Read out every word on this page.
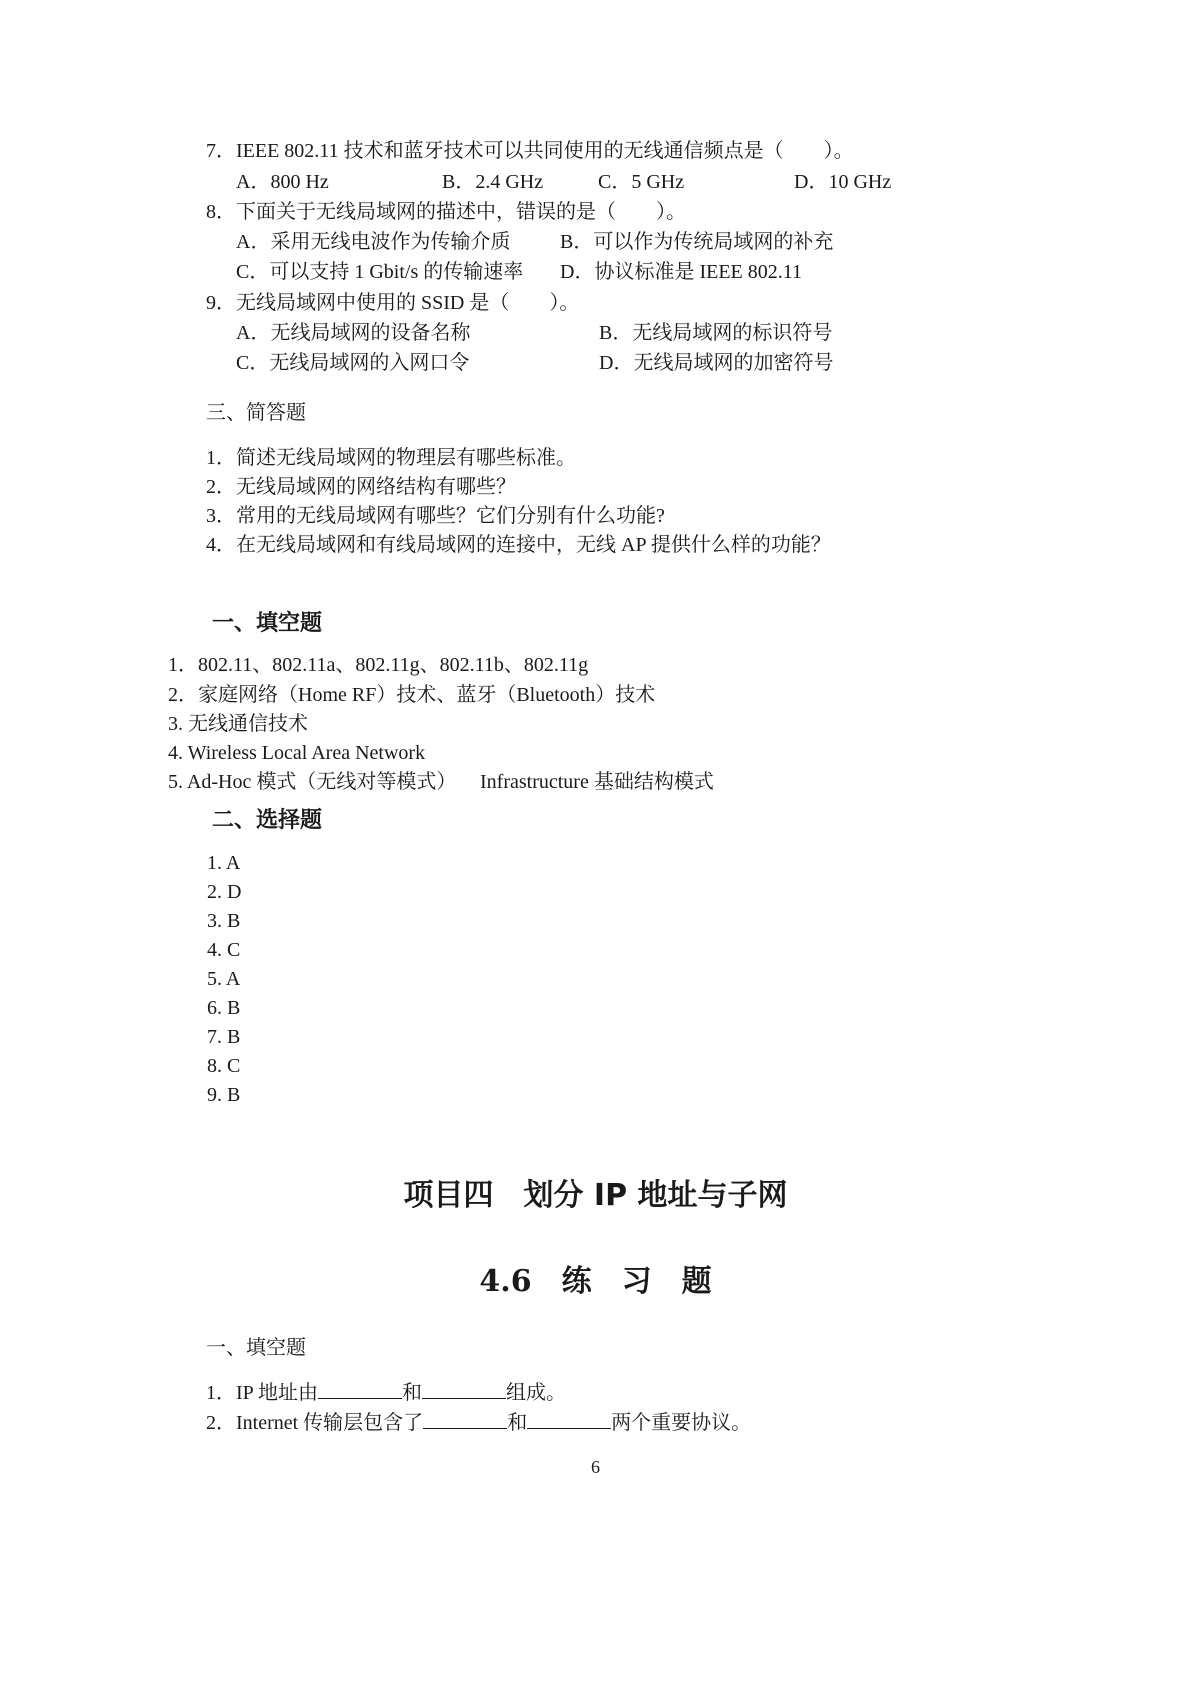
7．IEEE 802.11 技术和蓝牙技术可以共同使用的无线通信频点是（　　）。
A．800 Hz	B．2.4 GHz	C．5 GHz	D．10 GHz
8．下面关于无线局域网的描述中，错误的是（　　）。
A．采用无线电波作为传输介质 B．可以作为传统局域网的补充
C．可以支持 1 Gbit/s 的传输速率 D．协议标准是 IEEE 802.11
9．无线局域网中使用的 SSID 是（　　）。
A．无线局域网的设备名称	B．无线局域网的标识符号
C．无线局域网的入网口令	D．无线局域网的加密符号
三、简答题
1．简述无线局域网的物理层有哪些标准。
2．无线局域网的网络结构有哪些？
3．常用的无线局域网有哪些？它们分别有什么功能?
4．在无线局域网和有线局域网的连接中，无线 AP 提供什么样的功能？
一、填空题
1．802.11、802.11a、802.11g、802.11b、802.11g
2．家庭网络（Home RF）技术、蓝牙（Bluetooth）技术
3. 无线通信技术
4. Wireless Local Area Network
5. Ad-Hoc 模式（无线对等模式） Infrastructure 基础结构模式
二、选择题
1. A
2. D
3. B
4. C
5. A
6. B
7. B
8. C
9. B
项目四　划分 IP 地址与子网
4.6　练　习　题
一、填空题
1．IP 地址由	和	组成。
2．Internet 传输层包含了	和	两个重要协议。
6
